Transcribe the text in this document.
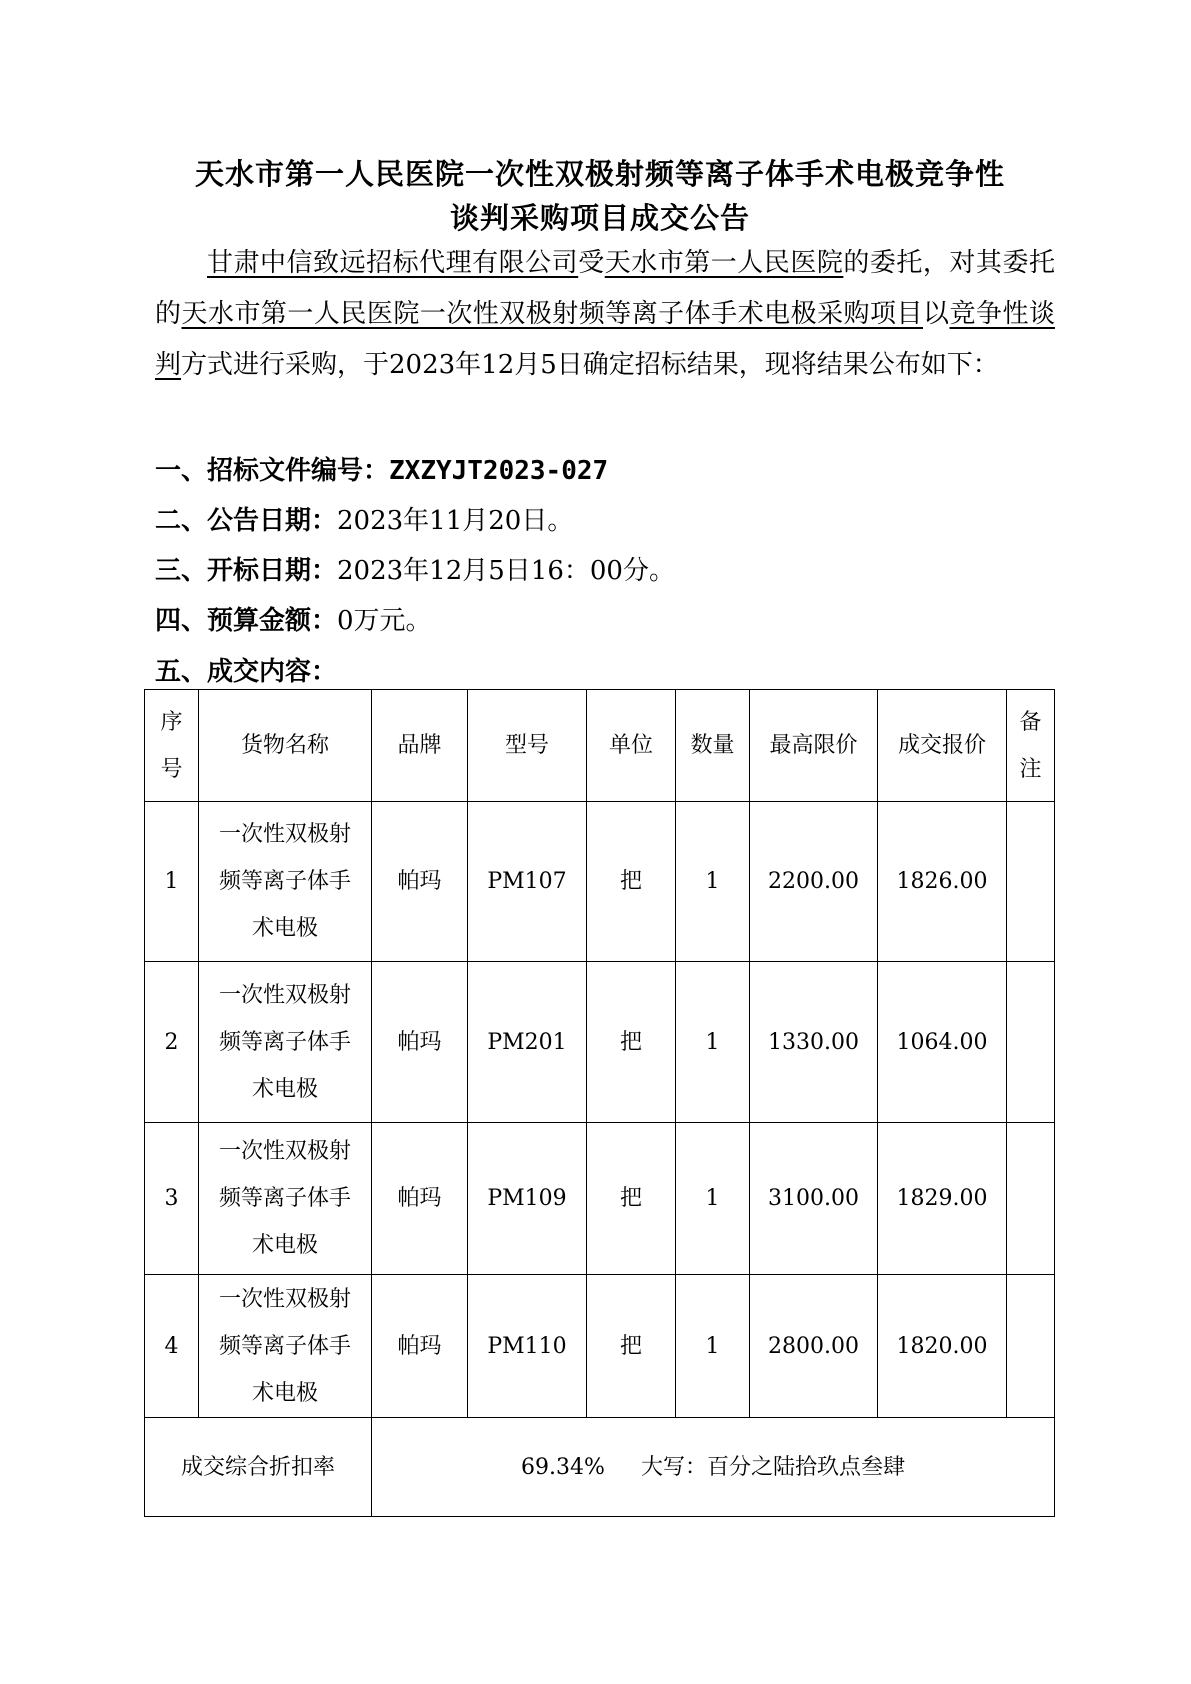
天水市第一人民医院一次性双极射频等离子体手术电极竞争性
谈判采购项目成交公告
甘肃中信致远招标代理有限公司受天水市第一人民医院的委托，对其委托的天水市第一人民医院一次性双极射频等离子体手术电极采购项目以竞争性谈判方式进行采购，于2023年12月5日确定招标结果，现将结果公布如下：
一、招标文件编号：ZXZYJT2023-027
二、公告日期：2023年11月20日。
三、开标日期：2023年12月5日16：00分。
四、预算金额：0万元。
五、成交内容：
序号	货物名称	品牌	型号	单位	数量	最高限价	成交报价	备注
1	一次性双极射频等离子体手术电极	帕玛	PM107	把	1	2200.00	1826.00	
2	一次性双极射频等离子体手术电极	帕玛	PM201	把	1	1330.00	1064.00	
3	一次性双极射频等离子体手术电极	帕玛	PM109	把	1	3100.00	1829.00	
4	一次性双极射频等离子体手术电极	帕玛	PM110	把	1	2800.00	1820.00	
成交综合折扣率		69.34% 大写：百分之陆拾玖点叁肆						
